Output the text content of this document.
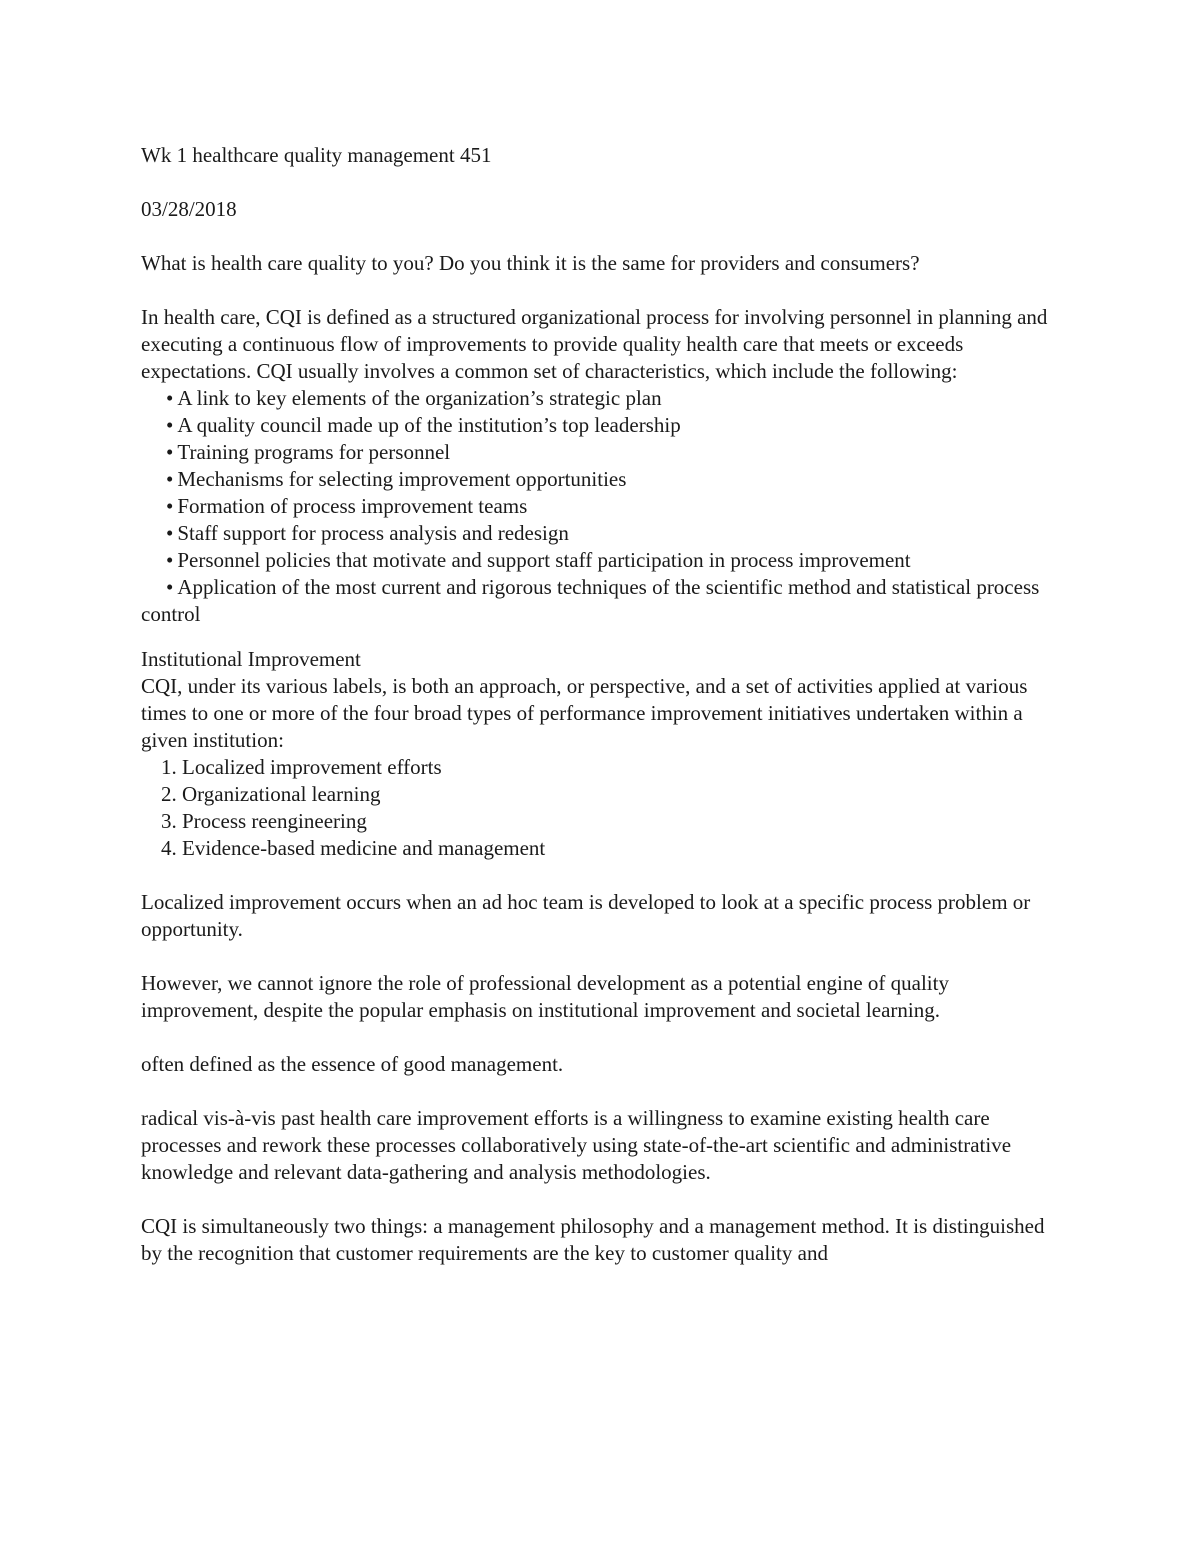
Wk 1 healthcare quality management 451

03/28/2018

What is health care quality to you? Do you think it is the same for providers and consumers?

In health care, CQI is defined as a structured organizational process for involving personnel in planning and executing a continuous flow of improvements to provide quality health care that meets or exceeds expectations. CQI usually involves a common set of characteristics, which include the following:

• A link to key elements of the organization’s strategic plan
• A quality council made up of the institution’s top leadership
• Training programs for personnel
• Mechanisms for selecting improvement opportunities
• Formation of process improvement teams
• Staff support for process analysis and redesign
• Personnel policies that motivate and support staff participation in process improvement
• Application of the most current and rigorous techniques of the scientific method and statistical process control

Institutional Improvement

CQI, under its various labels, is both an approach, or perspective, and a set of activities applied at various times to one or more of the four broad types of performance improvement initiatives undertaken within a given institution:

1. Localized improvement efforts
2. Organizational learning
3. Process reengineering
4. Evidence-based medicine and management

Localized improvement occurs when an ad hoc team is developed to look at a specific process problem or opportunity.

However, we cannot ignore the role of professional development as a potential engine of quality improvement, despite the popular emphasis on institutional improvement and societal learning.

often defined as the essence of good management.

radical vis-à-vis past health care improvement efforts is a willingness to examine existing health care processes and rework these processes collaboratively using state-of-the-art scientific and administrative knowledge and relevant data-gathering and analysis methodologies.

CQI is simultaneously two things: a management philosophy and a management method. It is distinguished by the recognition that customer requirements are the key to customer quality and
